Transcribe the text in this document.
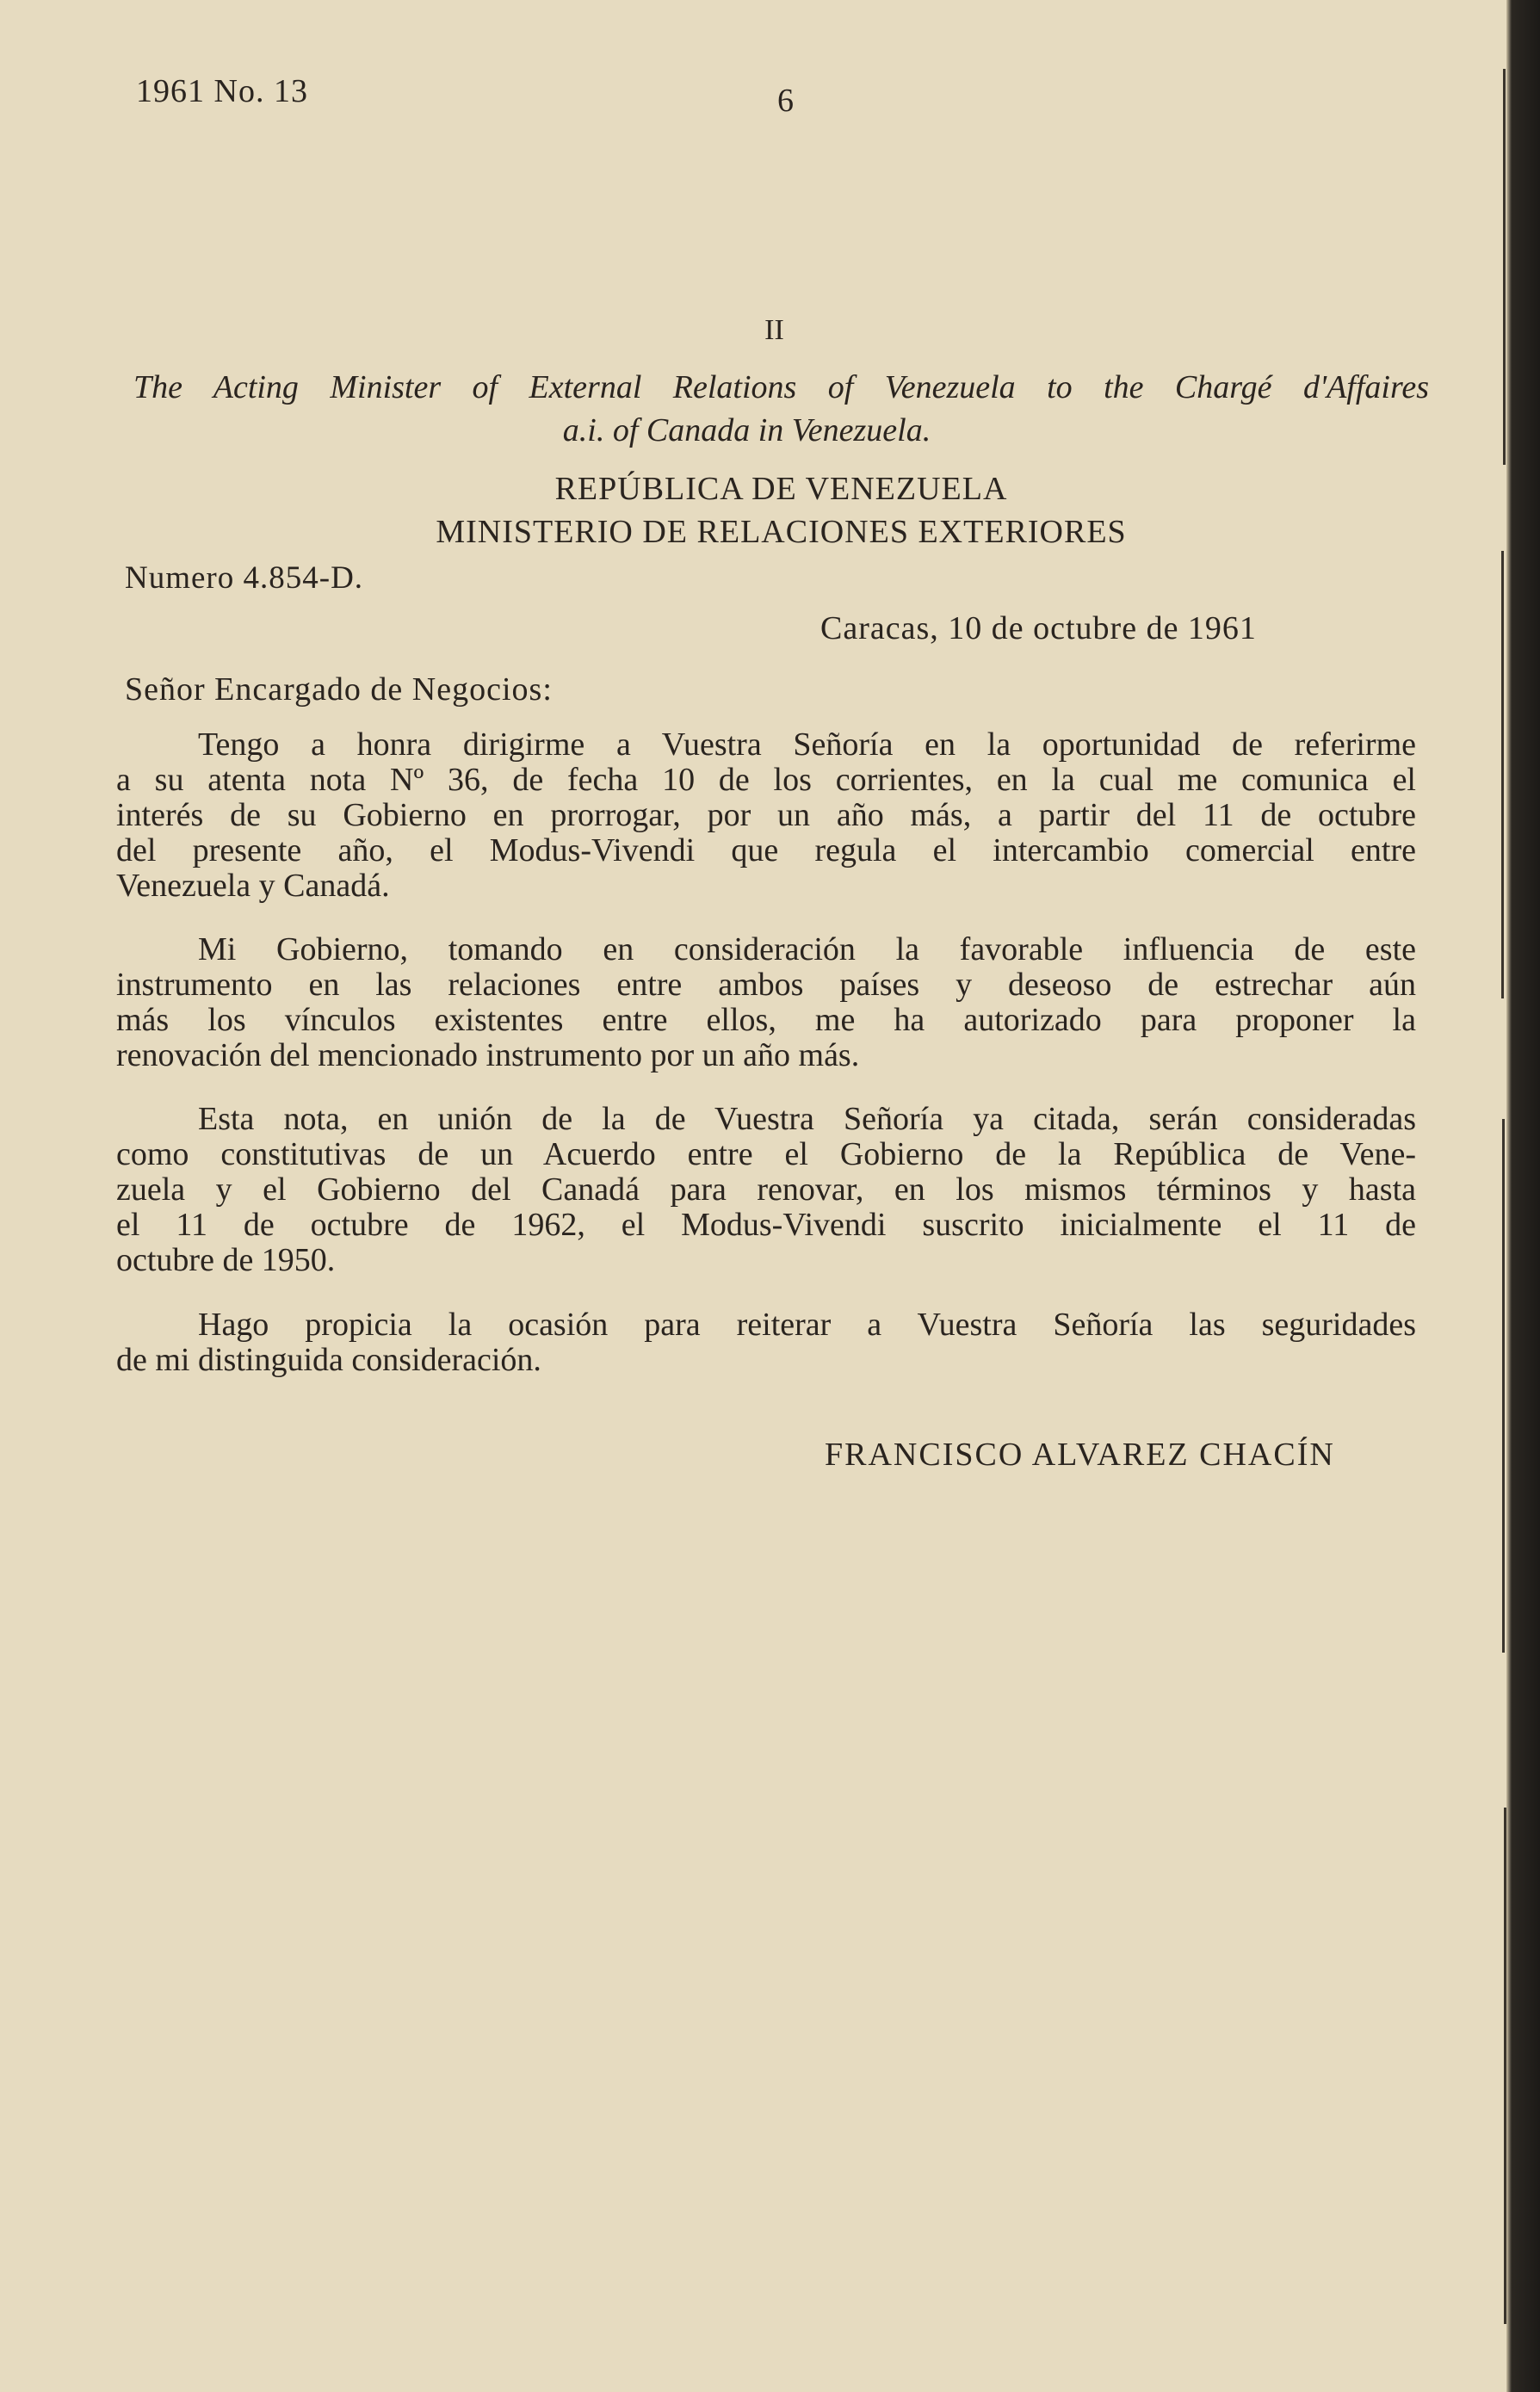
1961 No. 13	6
II
The Acting Minister of External Relations of Venezuela to the Chargé d'Affaires
a.i. of Canada in Venezuela.
REPÚBLICA DE VENEZUELA
MINISTERIO DE RELACIONES EXTERIORES
Numero 4.854-D.
Caracas, 10 de octubre de 1961
Señor Encargado de Negocios:
Tengo a honra dirigirme a Vuestra Señoría en la oportunidad de referirme
a su atenta nota Nº 36, de fecha 10 de los corrientes, en la cual me comunica el
interés de su Gobierno en prorrogar, por un año más, a partir del 11 de octubre
del presente año, el Modus-Vivendi que regula el intercambio comercial entre
Venezuela y Canadá.
Mi Gobierno, tomando en consideración la favorable influencia de este
instrumento en las relaciones entre ambos países y deseoso de estrechar aún
más los vínculos existentes entre ellos, me ha autorizado para proponer la
renovación del mencionado instrumento por un año más.
Esta nota, en unión de la de Vuestra Señoría ya citada, serán consideradas
como constitutivas de un Acuerdo entre el Gobierno de la República de Vene-
zuela y el Gobierno del Canadá para renovar, en los mismos términos y hasta
el 11 de octubre de 1962, el Modus-Vivendi suscrito inicialmente el 11 de
octubre de 1950.
Hago propicia la ocasión para reiterar a Vuestra Señoría las seguridades
de mi distinguida consideración.
FRANCISCO ALVAREZ CHACÍN
